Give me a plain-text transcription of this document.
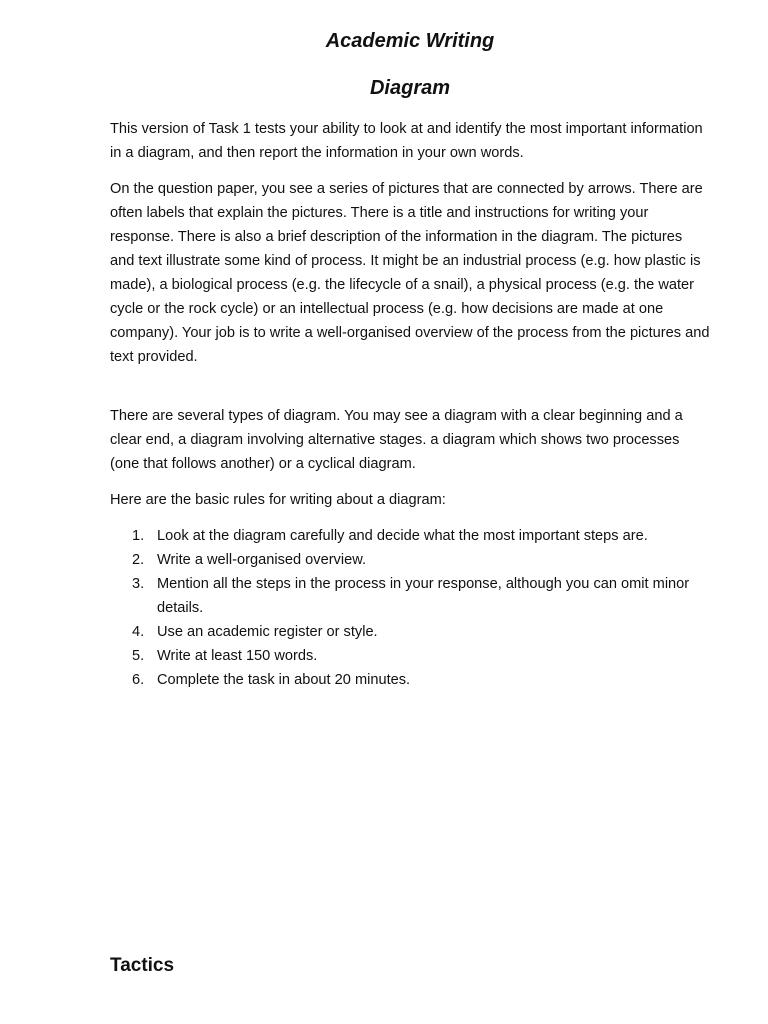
Academic Writing
Diagram

This version of Task 1 tests your ability to look at and identify the most important information in a diagram, and then report the information in your own words.

On the question paper, you see a series of pictures that are connected by arrows. There are often labels that explain the pictures. There is a title and instructions for writing your response. There is also a brief description of the information in the diagram. The pictures and text illustrate some kind of process. It might be an industrial process (e.g. how plastic is made), a biological process (e.g. the lifecycle of a snail), a physical process (e.g. the water cycle or the rock cycle) or an intellectual process (e.g. how decisions are made at one company). Your job is to write a well-organised overview of the process from the pictures and text provided.

There are several types of diagram. You may see a diagram with a clear beginning and a clear end, a diagram involving alternative stages. a diagram which shows two processes (one that follows another) or a cyclical diagram.

Here are the basic rules for writing about a diagram:

1. Look at the diagram carefully and decide what the most important steps are.
2. Write a well-organised overview.
3. Mention all the steps in the process in your response, although you can omit minor details.
4. Use an academic register or style.
5. Write at least 150 words.
6. Complete the task in about 20 minutes.
Tactics
